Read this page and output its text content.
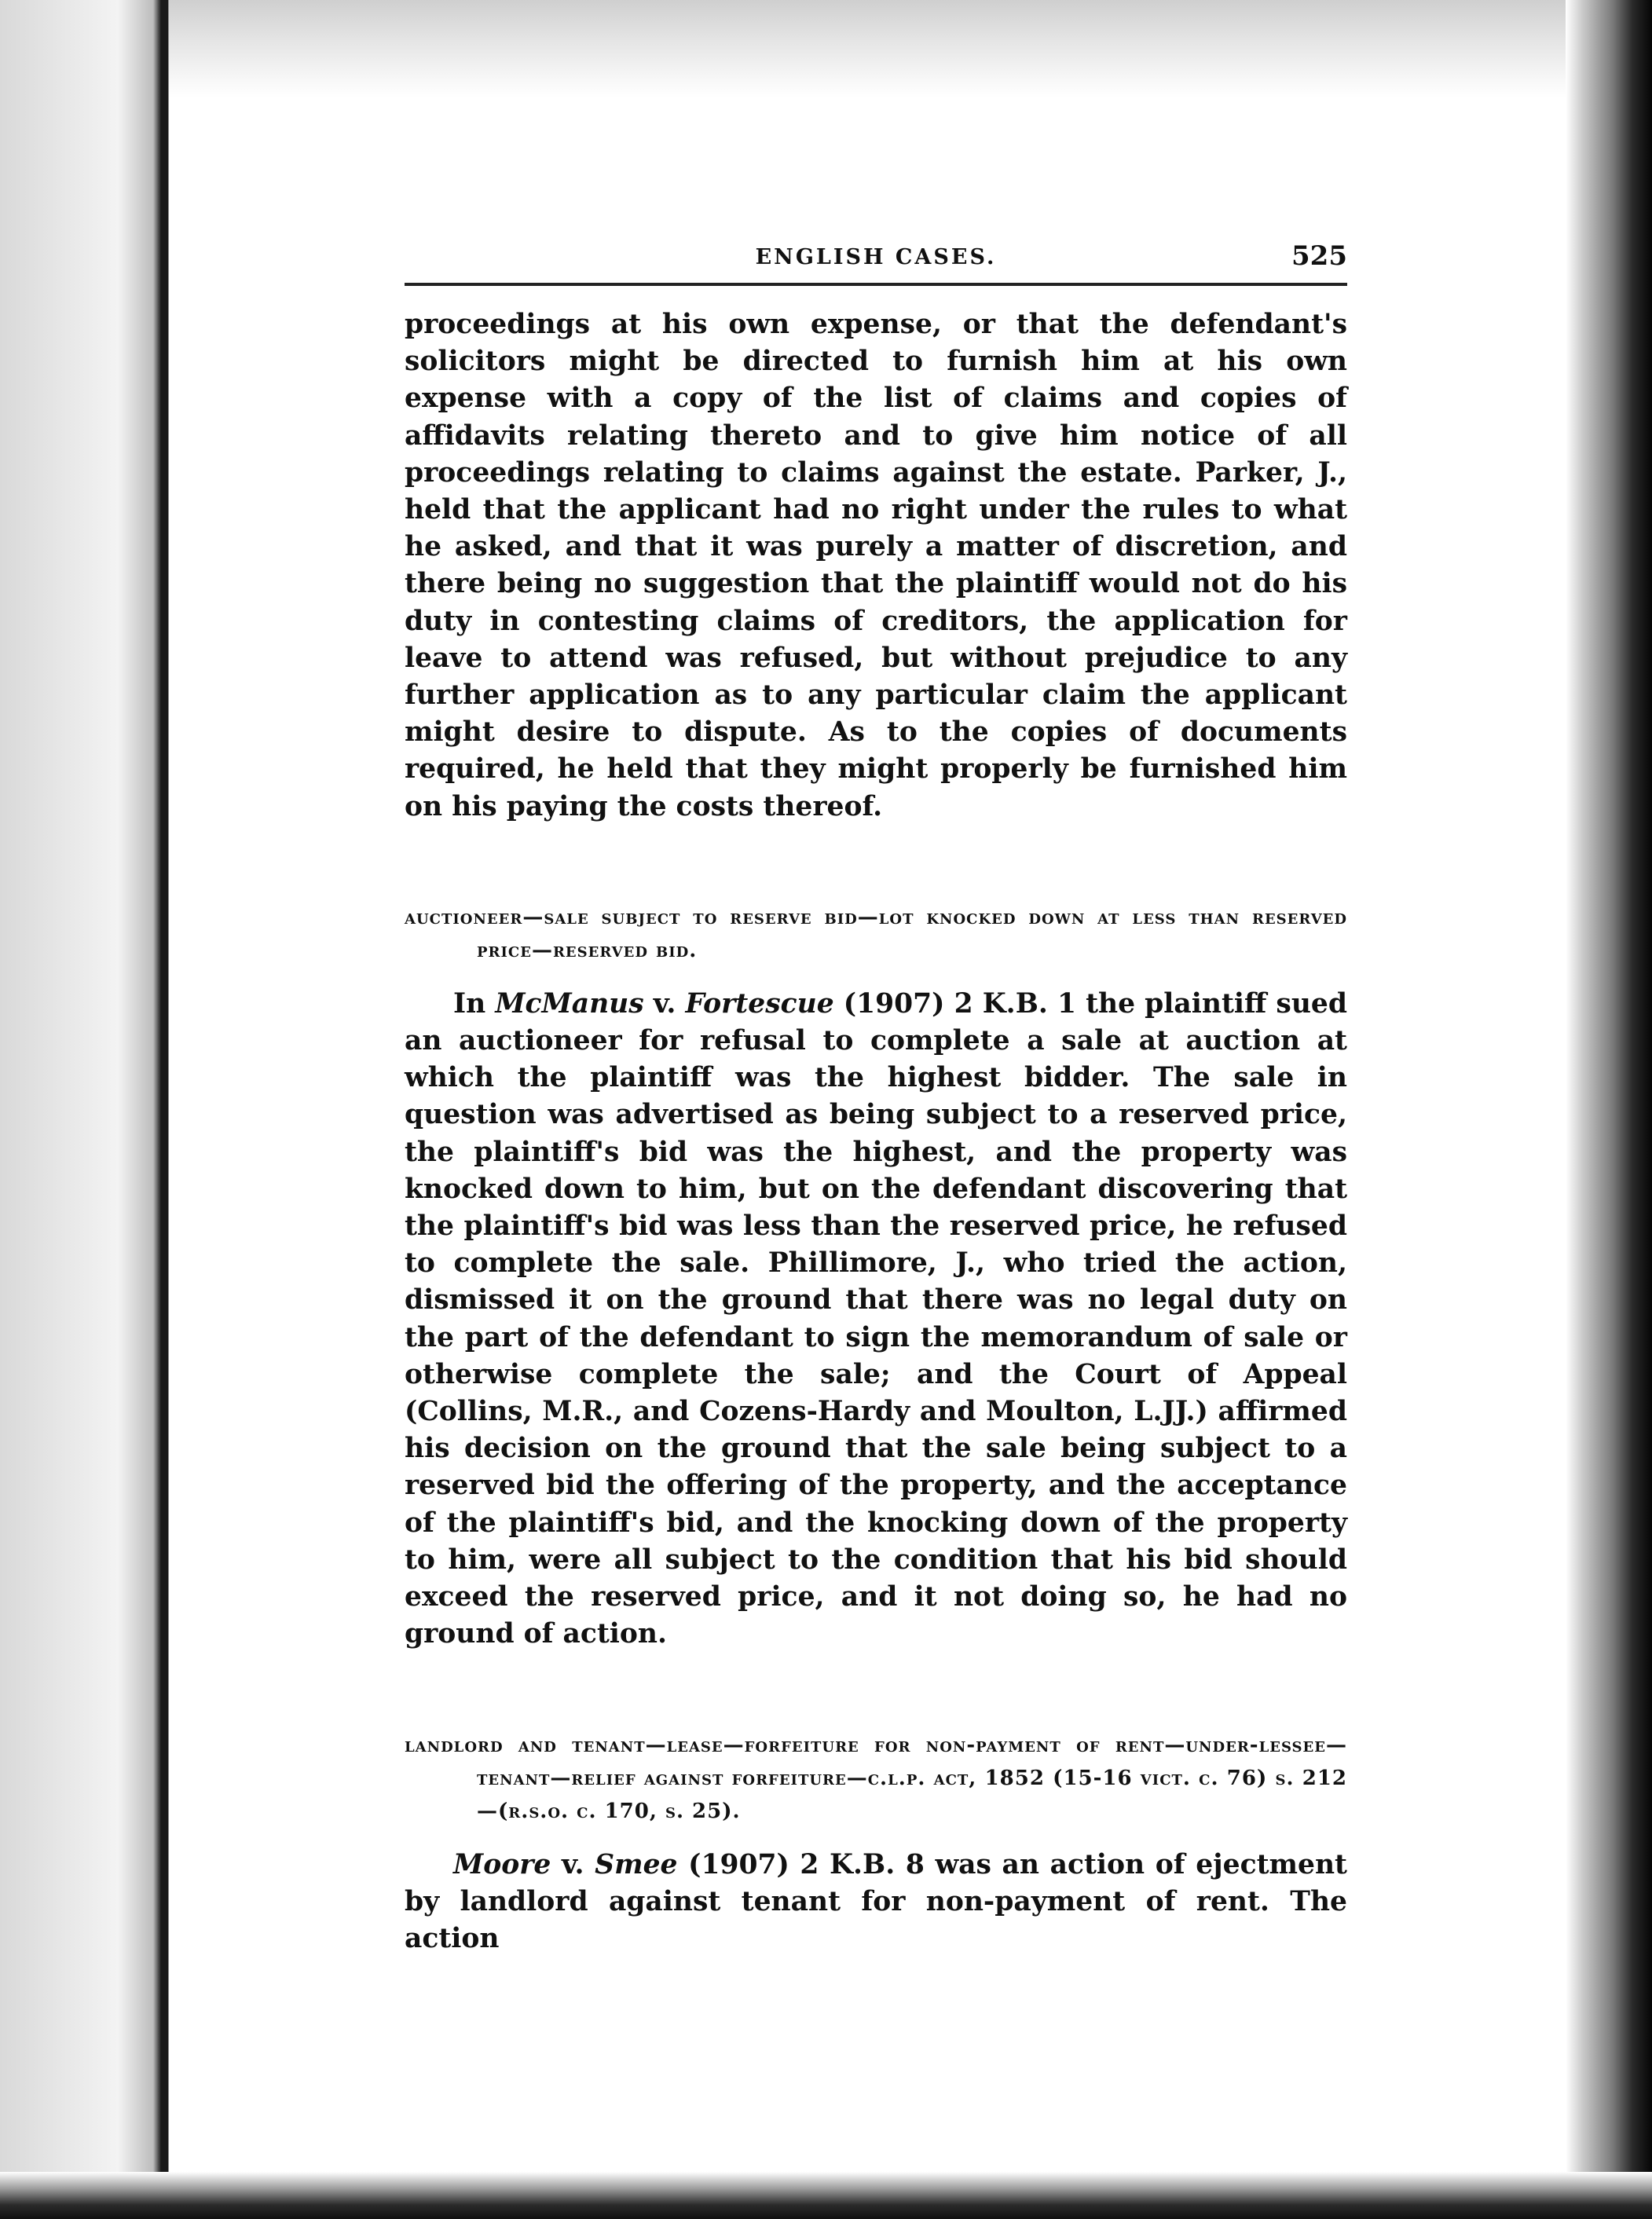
ENGLISH CASES.	525

proceedings at his own expense, or that the defendant's solicitors might be directed to furnish him at his own expense with a copy of the list of claims and copies of affidavits relating thereto and to give him notice of all proceedings relating to claims against the estate. Parker, J., held that the applicant had no right under the rules to what he asked, and that it was purely a matter of discretion, and there being no suggestion that the plaintiff would not do his duty in contesting claims of creditors, the application for leave to attend was refused, but without prejudice to any further application as to any particular claim the applicant might desire to dispute. As to the copies of documents required, he held that they might properly be furnished him on his paying the costs thereof.

auctioneer—sale subject to reserve bid—lot knocked down at less than reserved price—reserved bid.

In McManus v. Fortescue (1907) 2 K.B. 1 the plaintiff sued an auctioneer for refusal to complete a sale at auction at which the plaintiff was the highest bidder. The sale in question was advertised as being subject to a reserved price, the plaintiff's bid was the highest, and the property was knocked down to him, but on the defendant discovering that the plaintiff's bid was less than the reserved price, he refused to complete the sale. Phillimore, J., who tried the action, dismissed it on the ground that there was no legal duty on the part of the defendant to sign the memorandum of sale or otherwise complete the sale; and the Court of Appeal (Collins, M.R., and Cozens-Hardy and Moulton, L.JJ.) affirmed his decision on the ground that the sale being subject to a reserved bid the offering of the property, and the acceptance of the plaintiff's bid, and the knocking down of the property to him, were all subject to the condition that his bid should exceed the reserved price, and it not doing so, he had no ground of action.

landlord and tenant—lease—forfeiture for non-payment of rent—under-lessee—tenant—relief against forfeiture—c.l.p. act, 1852 (15-16 vict. c. 76) s. 212—(r.s.o. c. 170, s. 25).

Moore v. Smee (1907) 2 K.B. 8 was an action of ejectment by landlord against tenant for non-payment of rent. The action
